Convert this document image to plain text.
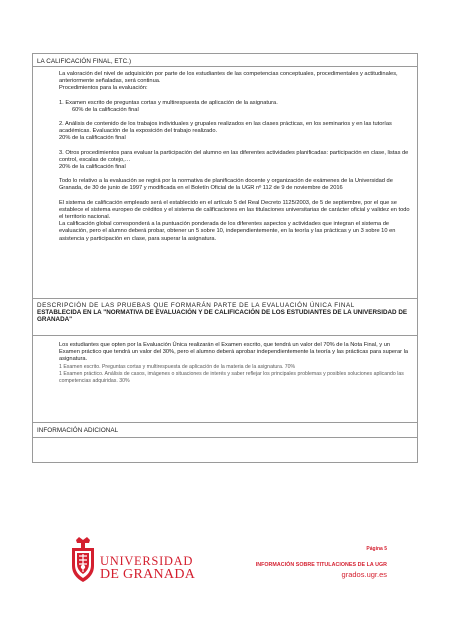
LA CALIFICACIÓN FINAL, ETC.)

La valoración del nivel de adquisición por parte de los estudiantes de las competencias conceptuales, procedimentales y actitudinales, anteriormente señaladas, será continua.

Procedimientos para la evaluación:

1. Examen escrito de preguntas cortas y multirespuesta de aplicación de la asignatura.

60% de la calificación final

2. Análisis de contenido de los trabajos individuales y grupales realizados en las clases prácticas, en los seminarios y en las tutorías académicas. Evaluación de la exposición del trabajo realizado.

20% de la calificación final

3. Otros procedimientos para evaluar la participación del alumno en las diferentes actividades planificadas: participación en clase, listas de control, escalas de cotejo,…

20% de la calificación final

Todo lo relativo a la evaluación se regirá por la normativa de planificación docente y organización de exámenes de la Universidad de Granada, de 30 de junio de 1997 y modificada en el Boletín Oficial de la UGR nº 112 de 9 de noviembre de 2016

El sistema de calificación empleado será el establecido en el artículo 5 del Real Decreto 1125/2003, de 5 de septiembre, por el que se establece el sistema europeo de créditos y el sistema de calificaciones en las titulaciones universitarias de carácter oficial y validez en todo el territorio nacional.

La calificación global corresponderá a la puntuación ponderada de los diferentes aspectos y actividades que integran el sistema de evaluación, pero el alumno deberá probar, obtener un 5 sobre 10, independientemente, en la teoría y las prácticas y un 3 sobre 10 en asistencia y participación en clase, para superar la asignatura.

DESCRIPCIÓN DE LAS PRUEBAS QUE FORMARÁN PARTE DE LA EVALUACIÓN ÚNICA FINAL
ESTABLECIDA EN LA "NORMATIVA DE EVALUACIÓN Y DE CALIFICACIÓN DE LOS ESTUDIANTES DE LA UNIVERSIDAD DE GRANADA"

Los estudiantes que opten por la Evaluación Única realizarán el Examen escrito, que tendrá un valor del 70% de la Nota Final, y un Examen práctico que tendrá un valor del 30%, pero el alumno deberá aprobar independientemente la teoría y las prácticas para superar la asignatura.

1 Examen escrito. Preguntas cortas y multirespuesta de aplicación de la materia de la asignatura. 70%

1 Examen práctico. Análisis de casos, imágenes o situaciones de interés y saber reflejar los principales problemas y posibles soluciones aplicando las competencias adquiridas. 30%

INFORMACIÓN ADICIONAL
UNIVERSIDAD
DE GRANADA
Página 5
INFORMACIÓN SOBRE TITULACIONES DE LA UGR
grados.ugr.es
